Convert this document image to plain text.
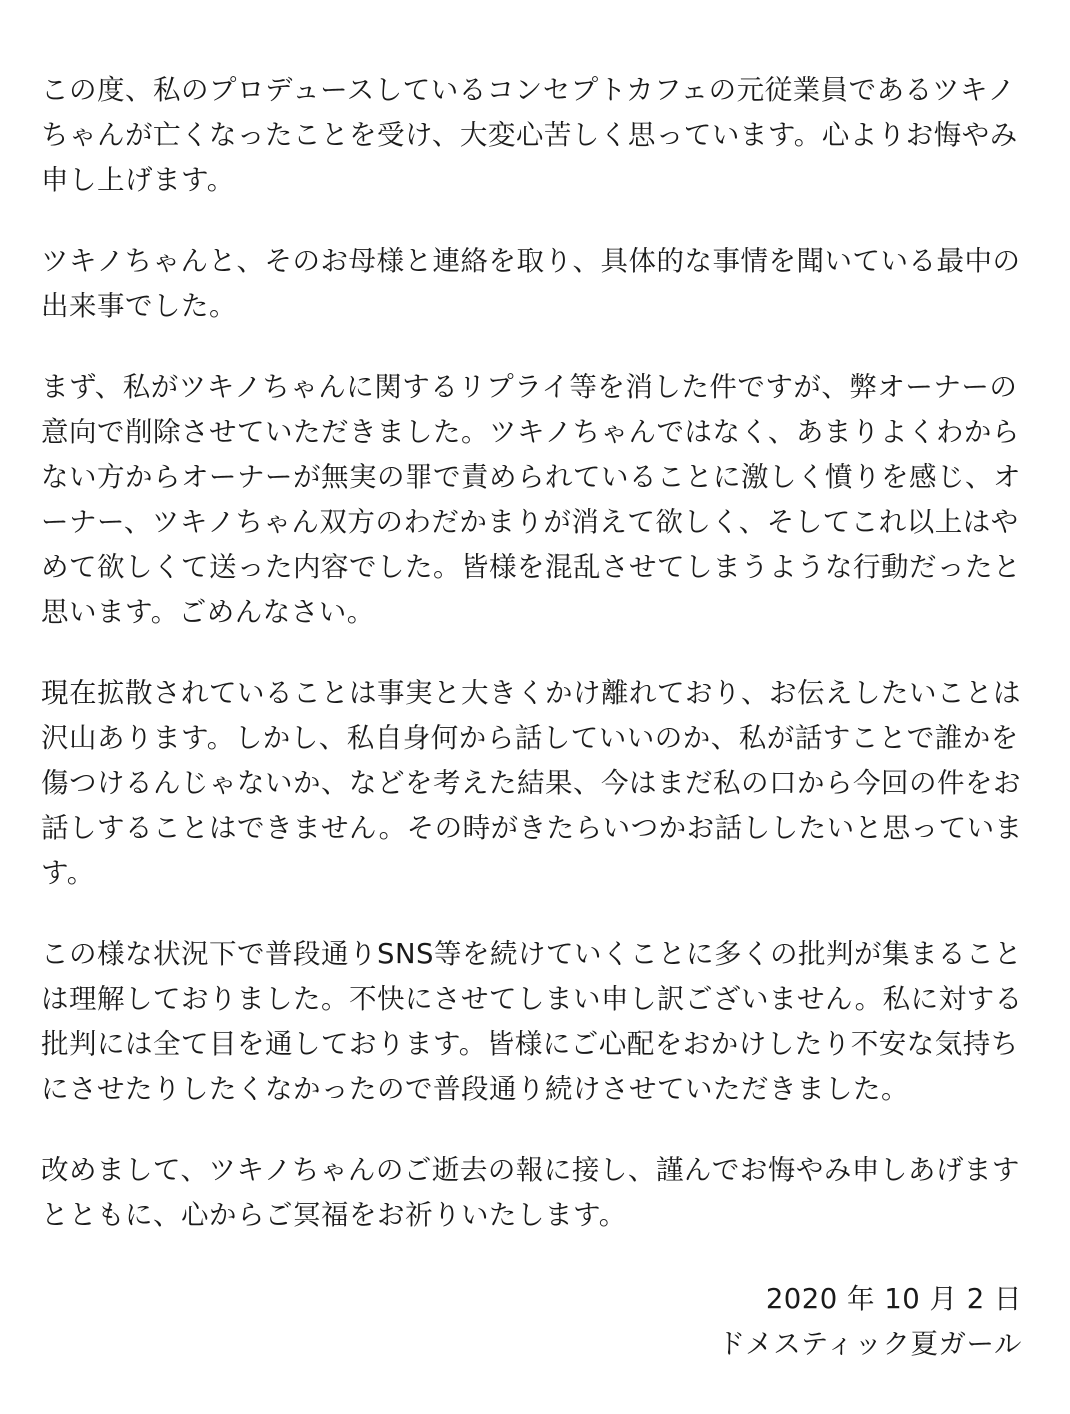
この度、私のプロデュースしているコンセプトカフェの元従業員であるツキノ
ちゃんが亡くなったことを受け、大変心苦しく思っています。心よりお悔やみ
申し上げます。

ツキノちゃんと、そのお母様と連絡を取り、具体的な事情を聞いている最中の
出来事でした。

まず、私がツキノちゃんに関するリプライ等を消した件ですが、弊オーナーの
意向で削除させていただきました。ツキノちゃんではなく、あまりよくわから
ない方からオーナーが無実の罪で責められていることに激しく憤りを感じ、オ
ーナー、ツキノちゃん双方のわだかまりが消えて欲しく、そしてこれ以上はや
めて欲しくて送った内容でした。皆様を混乱させてしまうような行動だったと
思います。ごめんなさい。

現在拡散されていることは事実と大きくかけ離れており、お伝えしたいことは
沢山あります。しかし、私自身何から話していいのか、私が話すことで誰かを
傷つけるんじゃないか、などを考えた結果、今はまだ私の口から今回の件をお
話しすることはできません。その時がきたらいつかお話ししたいと思っていま
す。

この様な状況下で普段通りSNS等を続けていくことに多くの批判が集まること
は理解しておりました。不快にさせてしまい申し訳ございません。私に対する
批判には全て目を通しております。皆様にご心配をおかけしたり不安な気持ち
にさせたりしたくなかったので普段通り続けさせていただきました。

改めまして、ツキノちゃんのご逝去の報に接し、謹んでお悔やみ申しあげます
とともに、心からご冥福をお祈りいたします。

2020 年 10 月 2 日
ドメスティック夏ガール
